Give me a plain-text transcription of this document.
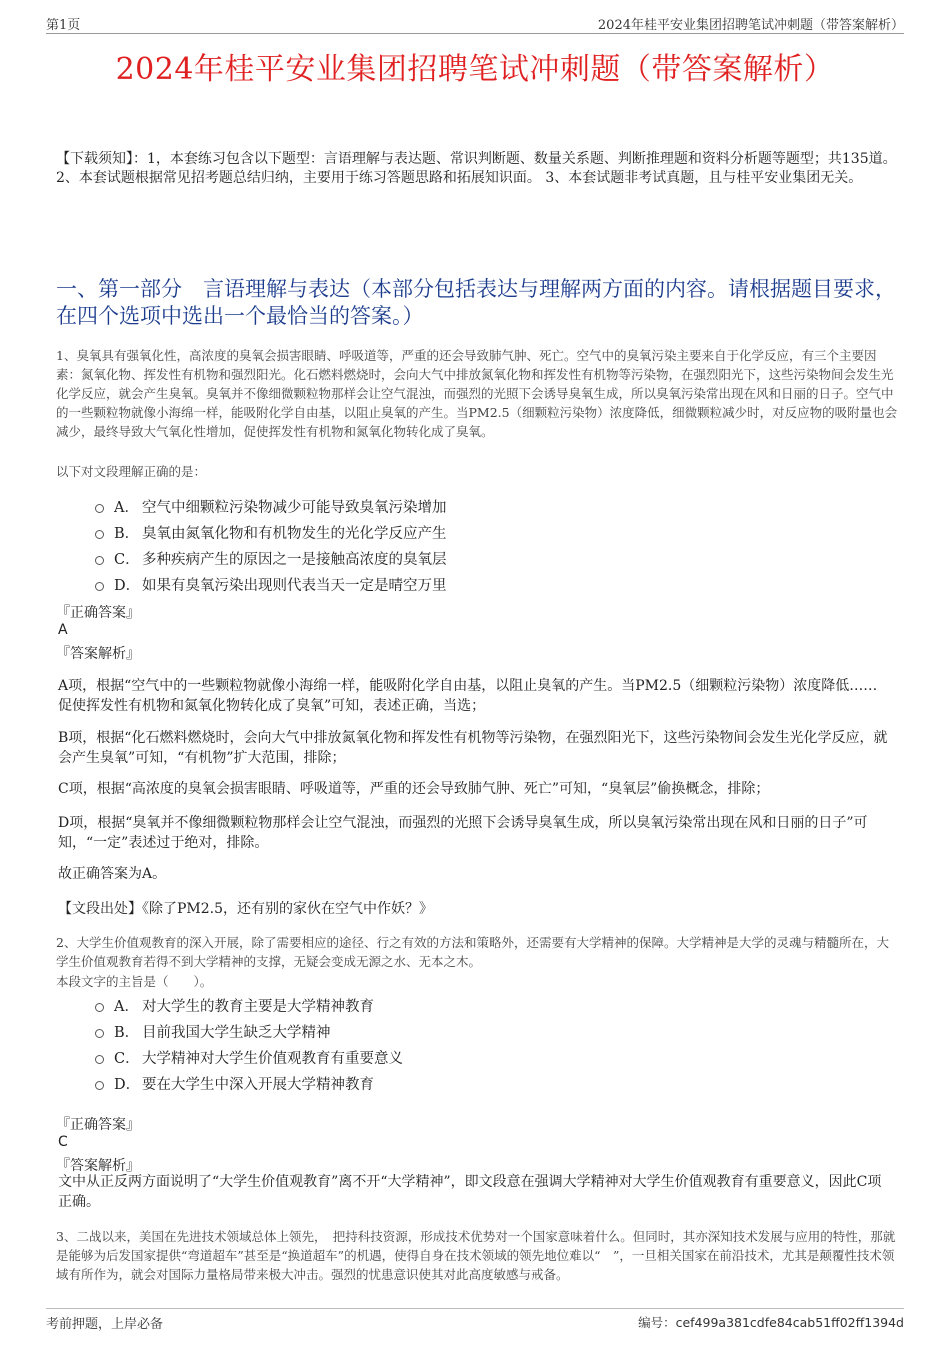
第1页	2024年桂平安业集团招聘笔试冲刺题（带答案解析）
2024年桂平安业集团招聘笔试冲刺题（带答案解析）
【下载须知】：1，本套练习包含以下题型：言语理解与表达题、常识判断题、数量关系题、判断推理题和资料分析题等题型；共135道。 2、本套试题根据常见招考题总结归纳，主要用于练习答题思路和拓展知识面。 3、本套试题非考试真题，且与桂平安业集团无关。
一、第一部分　言语理解与表达（本部分包括表达与理解两方面的内容。请根据题目要求，在四个选项中选出一个最恰当的答案。）
1、臭氧具有强氧化性，高浓度的臭氧会损害眼睛、呼吸道等，严重的还会导致肺气肿、死亡。空气中的臭氧污染主要来自于化学反应，有三个主要因素：氮氧化物、挥发性有机物和强烈阳光。化石燃料燃烧时，会向大气中排放氮氧化物和挥发性有机物等污染物，在强烈阳光下，这些污染物间会发生光化学反应，就会产生臭氧。臭氧并不像细微颗粒物那样会让空气混浊，而强烈的光照下会诱导臭氧生成，所以臭氧污染常出现在风和日丽的日子。空气中的一些颗粒物就像小海绵一样，能吸附化学自由基，以阻止臭氧的产生。当PM2.5（细颗粒污染物）浓度降低，细微颗粒减少时，对反应物的吸附量也会减少，最终导致大气氧化性增加，促使挥发性有机物和氮氧化物转化成了臭氧。
以下对文段理解正确的是：
A． 空气中细颗粒污染物减少可能导致臭氧污染增加
B． 臭氧由氮氧化物和有机物发生的光化学反应产生
C． 多种疾病产生的原因之一是接触高浓度的臭氧层
D． 如果有臭氧污染出现则代表当天一定是晴空万里
『正确答案』
A
『答案解析』
A项，根据“空气中的一些颗粒物就像小海绵一样，能吸附化学自由基，以阻止臭氧的产生。当PM2.5（细颗粒污染物）浓度降低……促使挥发性有机物和氮氧化物转化成了臭氧”可知，表述正确，当选；
B项，根据“化石燃料燃烧时，会向大气中排放氮氧化物和挥发性有机物等污染物，在强烈阳光下，这些污染物间会发生光化学反应，就会产生臭氧”可知，“有机物”扩大范围，排除；
C项，根据“高浓度的臭氧会损害眼睛、呼吸道等，严重的还会导致肺气肿、死亡”可知，“臭氧层”偷换概念，排除；
D项，根据“臭氧并不像细微颗粒物那样会让空气混浊，而强烈的光照下会诱导臭氧生成，所以臭氧污染常出现在风和日丽的日子”可知，“一定”表述过于绝对，排除。
故正确答案为A。
【文段出处】《除了PM2.5，还有别的家伙在空气中作妖？》
2、大学生价值观教育的深入开展，除了需要相应的途径、行之有效的方法和策略外，还需要有大学精神的保障。大学精神是大学的灵魂与精髓所在，大学生价值观教育若得不到大学精神的支撑，无疑会变成无源之水、无本之木。
本段文字的主旨是（　　）。
A． 对大学生的教育主要是大学精神教育
B． 目前我国大学生缺乏大学精神
C． 大学精神对大学生价值观教育有重要意义
D． 要在大学生中深入开展大学精神教育
『正确答案』
C
『答案解析』
文中从正反两方面说明了“大学生价值观教育”离不开“大学精神”，即文段意在强调大学精神对大学生价值观教育有重要意义，因此C项正确。
3、二战以来，美国在先进技术领域总体上领先，　把持科技资源，形成技术优势对一个国家意味着什么。但同时，其亦深知技术发展与应用的特性，那就是能够为后发国家提供“弯道超车”甚至是“换道超车”的机遇，使得自身在技术领域的领先地位难以“　”，一旦相关国家在前沿技术，尤其是颠覆性技术领域有所作为，就会对国际力量格局带来极大冲击。强烈的忧患意识使其对此高度敏感与戒备。
考前押题，上岸必备	编号：cef499a381cdfe84cab51ff02ff1394d
